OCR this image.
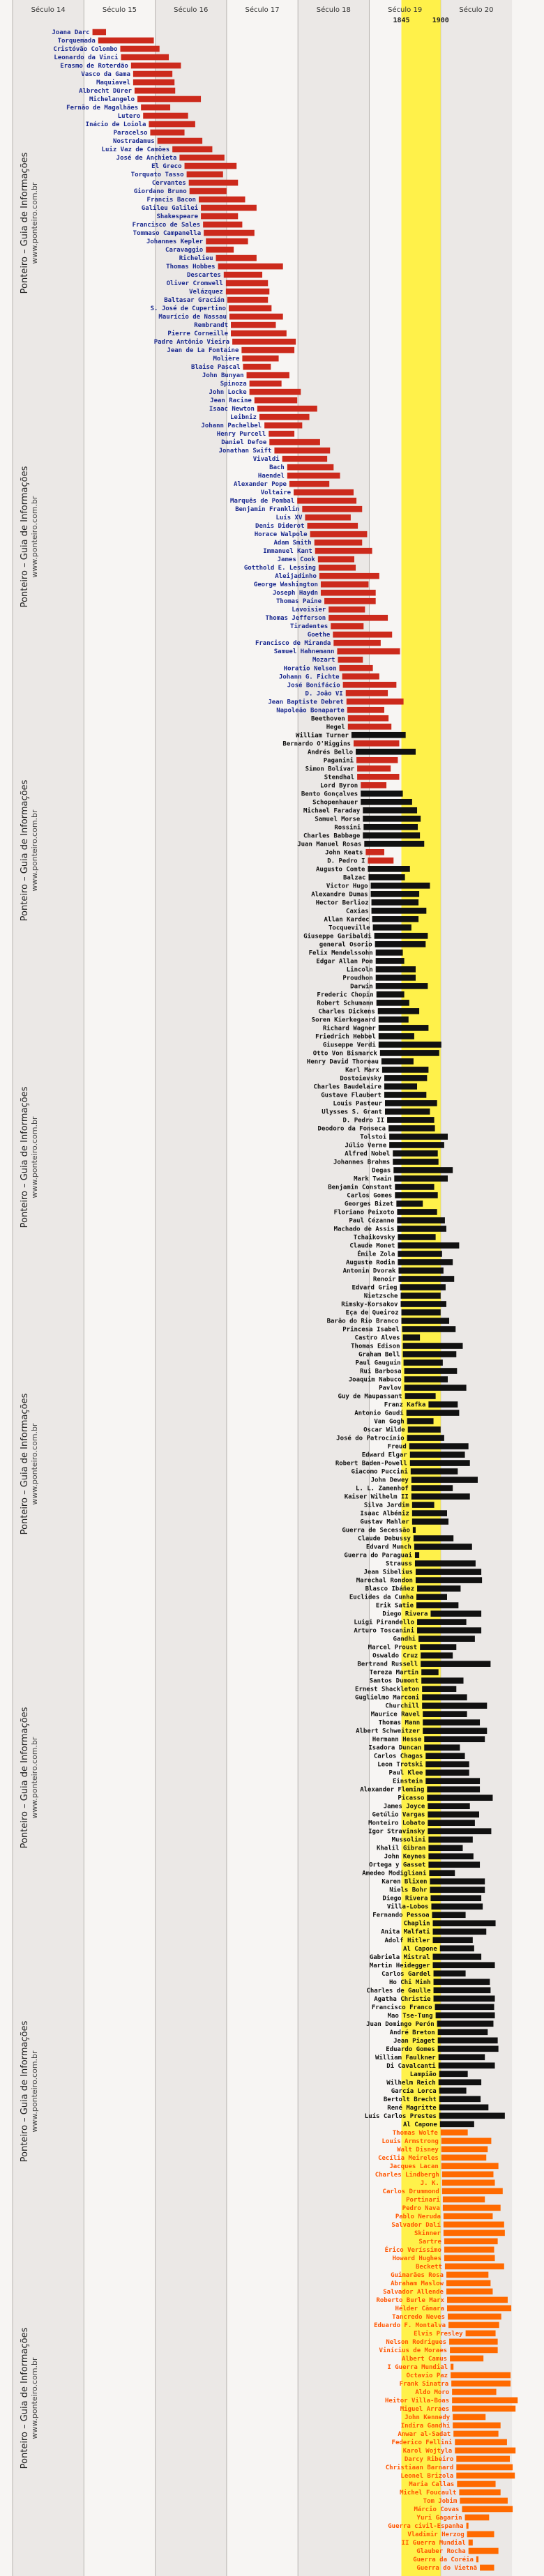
Século 14	Século 15	Século 16	Século 17	Século 18	Século 19	Século 20
1845	1900
Joana Darc
Torquemada
Cristóvão Colombo
Leonardo da Vinci
Erasmo de Roterdão
Vasco da Gama
Maquiavel
Albrecht Dürer
Michelangelo
Fernão de Magalhães
Lutero
Inácio de Loiola
Paracelso
Nostradamus
Luiz Vaz de Camões
José de Anchieta
El Greco
Torquato Tasso
Cervantes
Giordano Bruno
Francis Bacon
Galileu Galilei
Shakespeare
Francisco de Sales
Tommaso Campanella
Johannes Kepler
Caravaggio
Richelieu
Thomas Hobbes
Descartes
Oliver Cromwell
Velázquez
Baltasar Gracián
S. José de Cupertino
Maurício de Nassau
Rembrandt
Pierre Corneille
Padre Antônio Vieira
Jean de La Fontaine
Molière
Blaise Pascal
John Bunyan
Spinoza
John Locke
Jean Racine
Isaac Newton
Leibniz
Johann Pachelbel
Henry Purcell
Daniel Defoe
Jonathan Swift
Vivaldi
Bach
Haendel
Alexander Pope
Voltaire
Marquês de Pombal
Benjamin Franklin
Luís XV
Denis Diderot
Horace Walpole
Adam Smith
Immanuel Kant
James Cook
Gotthold E. Lessing
Aleijadinho
George Washington
Joseph Haydn
Thomas Paine
Lavoisier
Thomas Jefferson
Tiradentes
Goethe
Francisco de Miranda
Samuel Hahnemann
Mozart
Horatio Nelson
Johann G. Fichte
José Bonifácio
D. João VI
Jean Baptiste Debret
Napoleão Bonaparte
Beethoven
Hegel
William Turner
Bernardo O'Higgins
Andrés Bello
Paganini
Simon Bolívar
Stendhal
Lord Byron
Bento Gonçalves
Schopenhauer
Michael Faraday
Samuel Morse
Rossini
Charles Babbage
Juan Manuel Rosas
John Keats
D. Pedro I
Augusto Comte
Balzac
Victor Hugo
Alexandre Dumas
Hector Berlioz
Caxias
Allan Kardec
Tocqueville
Giuseppe Garibaldi
general Osorio
Felix Mendelssohn
Edgar Allan Poe
Lincoln
Proudhon
Darwin
Frederic Chopin
Robert Schumann
Charles Dickens
Soren Kierkegaard
Richard Wagner
Friedrich Hebbel
Giuseppe Verdi
Otto Von Bismarck
Henry David Thoreau
Karl Marx
Dostoievsky
Charles Baudelaire
Gustave Flaubert
Louis Pasteur
Ulysses S. Grant
D. Pedro II
Deodoro da Fonseca
Tolstoi
Júlio Verne
Alfred Nobel
Johannes Brahms
Degas
Mark Twain
Benjamin Constant
Carlos Gomes
Georges Bizet
Floriano Peixoto
Paul Cézanne
Machado de Assis
Tchaikovsky
Claude Monet
Émile Zola
Auguste Rodin
Antonin Dvorak
Renoir
Edvard Grieg
Nietzsche
Rimsky-Korsakov
Eça de Queiroz
Barão do Rio Branco
Princesa Isabel
Castro Alves
Thomas Edison
Graham Bell
Paul Gauguin
Rui Barbosa
Joaquim Nabuco
Pavlov
Guy de Maupassant
Franz Kafka
Antonio Gaudí
Van Gogh
Oscar Wilde
José do Patrocínio
Freud
Edward Elgar
Robert Baden-Powell
Giacomo Puccini
John Dewey
L. L. Zamenhof
Kaiser Wilhelm II
Silva Jardim
Isaac Albéniz
Gustav Mahler
Guerra de Secessão
Claude Debussy
Edvard Munch
Guerra do Paraguai
Strauss
Jean Sibelius
Marechal Rondon
Blasco Ibáñez
Euclides da Cunha
Erik Satie
Diego Rivera
Luigi Pirandello
Arturo Toscanini
Gandhi
Marcel Proust
Oswaldo Cruz
Bertrand Russell
Tereza Martin
Santos Dumont
Ernest Shackleton
Guglielmo Marconi
Churchill
Maurice Ravel
Thomas Mann
Albert Schweitzer
Hermann Hesse
Isadora Duncan
Carlos Chagas
Leon Trotski
Paul Klee
Einstein
Alexander Fleming
Picasso
James Joyce
Getúlio Vargas
Monteiro Lobato
Igor Stravinsky
Mussolini
Khalil Gibran
John Keynes
Ortega y Gasset
Amedeo Modigliani
Karen Blixen
Niels Bohr
Diego Rivera
Villa-Lobos
Fernando Pessoa
Chaplin
Anita Malfati
Adolf Hitler
Al Capone
Gabriela Mistral
Martin Heidegger
Carlos Gardel
Ho Chi Minh
Charles de Gaulle
Agatha Christie
Francisco Franco
Mao Tse-Tung
Juan Domingo Perón
André Breton
Jean Piaget
Eduardo Gomes
William Faulkner
Di Cavalcanti
Lampião
Wilhelm Reich
García Lorca
Bertolt Brecht
René Magritte
Luís Carlos Prestes
Al Capone
Thomas Wolfe
Louis Armstrong
Walt Disney
Cecília Meireles
Jacques Lacan
Charles Lindbergh
J. K.
Carlos Drummond
Portinari
Pedro Nava
Pablo Neruda
Salvador Dalí
Skinner
Sartre
Érico Veríssimo
Howard Hughes
Beckett
Guimarães Rosa
Abraham Maslow
Salvador Allende
Roberto Burle Marx
Hélder Câmara
Tancredo Neves
Eduardo F. Montalva
Elvis Presley
Nelson Rodrigues
Vinícius de Moraes
Albert Camus
I Guerra Mundial
Octavio Paz
Frank Sinatra
Aldo Moro
Heitor Villa-Boas
Miguel Arraes
John Kennedy
Indira Gandhi
Anwar al-Sadat
Federico Fellini
Karol Wojtyla
Darcy Ribeiro
Christiaan Barnard
Leonel Brizola
Maria Callas
Michel Foucault
Tom Jobim
Márcio Covas
Yuri Gagarin
Guerra civil-Espanha
Vladimir Herzog
II Guerra Mundial
Glauber Rocha
Guerra da Coréia
Guerra do Vietnã
Ponteiro – Guia de Informações www.ponteiro.com.br
Ponteiro – Guia de Informações www.ponteiro.com.br
Ponteiro – Guia de Informações www.ponteiro.com.br
Ponteiro – Guia de Informações www.ponteiro.com.br
Ponteiro – Guia de Informações www.ponteiro.com.br
Ponteiro – Guia de Informações www.ponteiro.com.br
Ponteiro – Guia de Informações www.ponteiro.com.br
Ponteiro – Guia de Informações www.ponteiro.com.br
